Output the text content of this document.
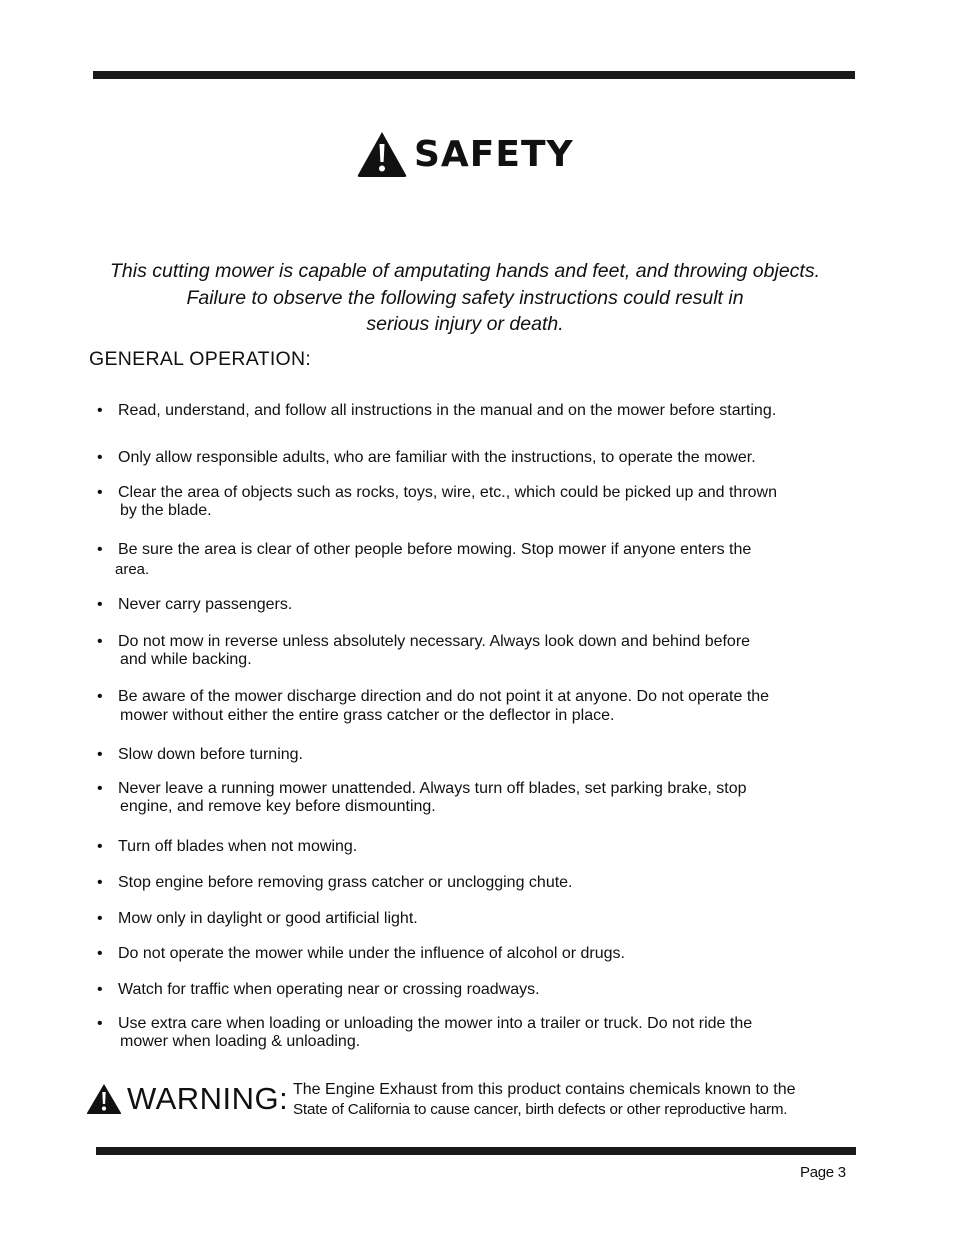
SAFETY
This cutting mower is capable of amputating hands and feet, and throwing objects.
Failure to observe the following safety instructions could result in
serious injury or death.
GENERAL OPERATION:
• Read, understand, and follow all instructions in the manual and on the mower before starting.
• Only allow responsible adults, who are familiar with the instructions, to operate the mower.
• Clear the area of objects such as rocks, toys, wire, etc., which could be picked up and thrown
by the blade.
• Be sure the area is clear of other people before mowing. Stop mower if anyone enters the
area.
• Never carry passengers.
• Do not mow in reverse unless absolutely necessary. Always look down and behind before
and while backing.
• Be aware of the mower discharge direction and do not point it at anyone. Do not operate the
mower without either the entire grass catcher or the deflector in place.
• Slow down before turning.
• Never leave a running mower unattended. Always turn off blades, set parking brake, stop
engine, and remove key before dismounting.
• Turn off blades when not mowing.
• Stop engine before removing grass catcher or unclogging chute.
• Mow only in daylight or good artificial light.
• Do not operate the mower while under the influence of alcohol or drugs.
• Watch for traffic when operating near or crossing roadways.
• Use extra care when loading or unloading the mower into a trailer or truck. Do not ride the
mower when loading & unloading.
WARNING: The Engine Exhaust from this product contains chemicals known to the
State of California to cause cancer, birth defects or other reproductive harm.
Page 3
